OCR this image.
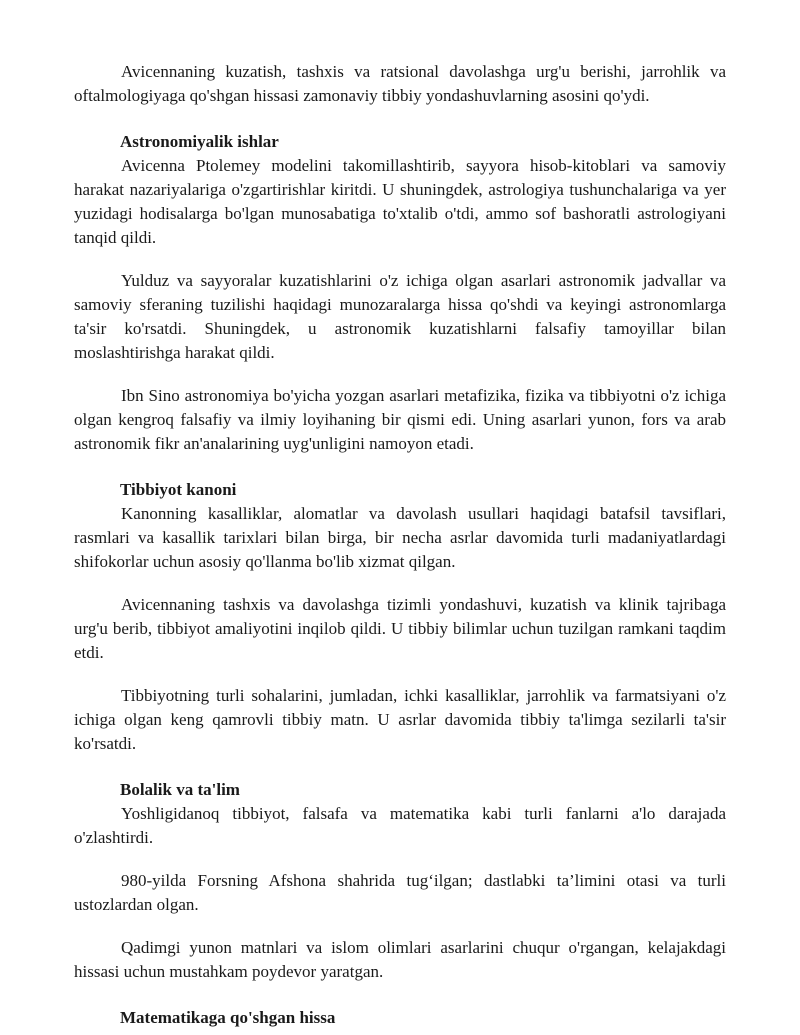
Avicennaning kuzatish, tashxis va ratsional davolashga urg'u berishi, jarrohlik va oftalmologiyaga qo'shgan hissasi zamonaviy tibbiy yondashuvlarning asosini qo'ydi.

Astronomiyalik ishlar

Avicenna Ptolemey modelini takomillashtirib, sayyora hisob-kitoblari va samoviy harakat nazariyalariga o'zgartirishlar kiritdi. U shuningdek, astrologiya tushunchalariga va yer yuzidagi hodisalarga bo'lgan munosabatiga to'xtalib o'tdi, ammo sof bashoratli astrologiyani tanqid qildi.

Yulduz va sayyoralar kuzatishlarini o'z ichiga olgan asarlari astronomik jadvallar va samoviy sferaning tuzilishi haqidagi munozaralarga hissa qo'shdi va keyingi astronomlarga ta'sir ko'rsatdi. Shuningdek, u astronomik kuzatishlarni falsafiy tamoyillar bilan moslashtirishga harakat qildi.

Ibn Sino astronomiya bo'yicha yozgan asarlari metafizika, fizika va tibbiyotni o'z ichiga olgan kengroq falsafiy va ilmiy loyihaning bir qismi edi. Uning asarlari yunon, fors va arab astronomik fikr an'analarining uyg'unligini namoyon etadi.

Tibbiyot kanoni

Kanonning kasalliklar, alomatlar va davolash usullari haqidagi batafsil tavsiflari, rasmlari va kasallik tarixlari bilan birga, bir necha asrlar davomida turli madaniyatlardagi shifokorlar uchun asosiy qo'llanma bo'lib xizmat qilgan.

Avicennaning tashxis va davolashga tizimli yondashuvi, kuzatish va klinik tajribaga urg'u berib, tibbiyot amaliyotini inqilob qildi. U tibbiy bilimlar uchun tuzilgan ramkani taqdim etdi.

Tibbiyotning turli sohalarini, jumladan, ichki kasalliklar, jarrohlik va farmatsiyani o'z ichiga olgan keng qamrovli tibbiy matn. U asrlar davomida tibbiy ta'limga sezilarli ta'sir ko'rsatdi.

Bolalik va ta'lim

Yoshligidanoq tibbiyot, falsafa va matematika kabi turli fanlarni a'lo darajada o'zlashtirdi.

980-yilda Forsning Afshona shahrida tug‘ilgan; dastlabki ta’limini otasi va turli ustozlardan olgan.

Qadimgi yunon matnlari va islom olimlari asarlarini chuqur o'rgangan, kelajakdagi hissasi uchun mustahkam poydevor yaratgan.

Matematikaga qo'shgan hissa
